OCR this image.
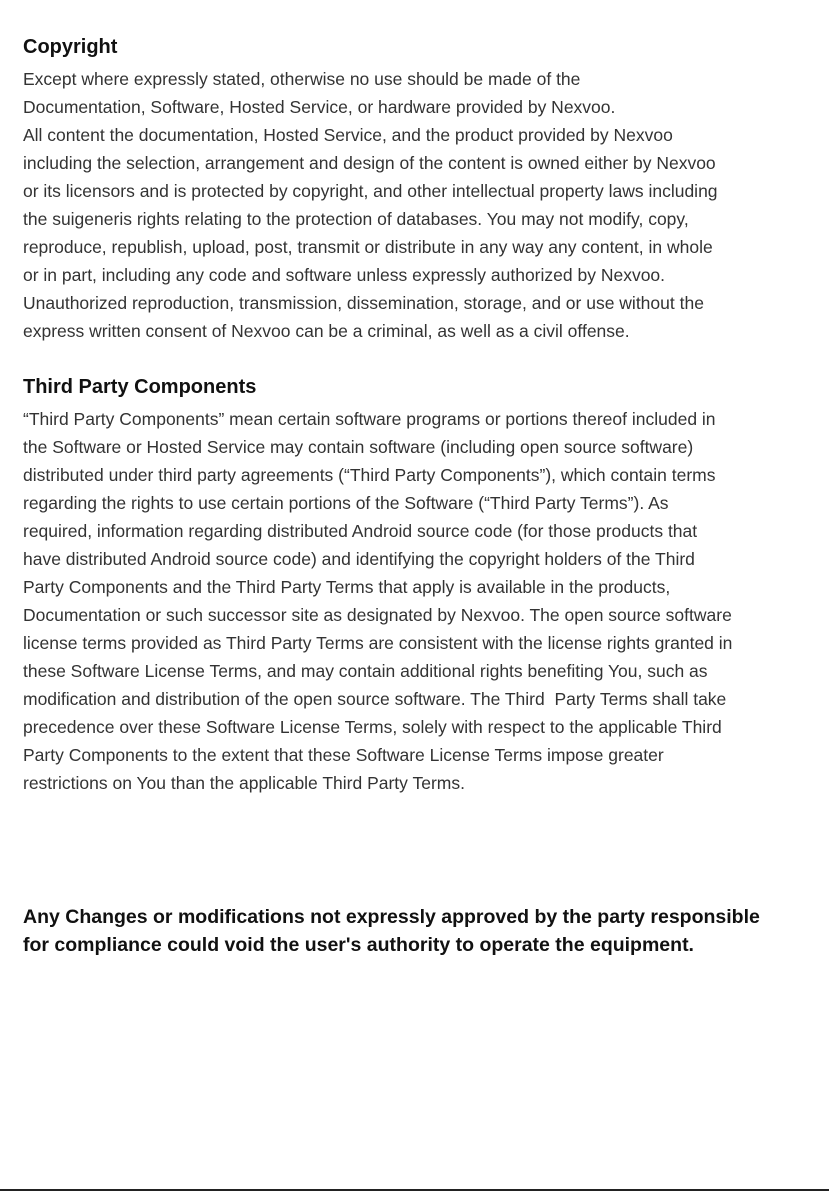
Copyright
Except where expressly stated, otherwise no use should be made of the
Documentation, Software, Hosted Service, or hardware provided by Nexvoo.
All content the documentation, Hosted Service, and the product provided by Nexvoo
including the selection, arrangement and design of the content is owned either by Nexvoo
or its licensors and is protected by copyright, and other intellectual property laws including
the suigeneris rights relating to the protection of databases. You may not modify, copy,
reproduce, republish, upload, post, transmit or distribute in any way any content, in whole
or in part, including any code and software unless expressly authorized by Nexvoo.
Unauthorized reproduction, transmission, dissemination, storage, and or use without the
express written consent of Nexvoo can be a criminal, as well as a civil offense.
Third Party Components
“Third Party Components” mean certain software programs or portions thereof included in
the Software or Hosted Service may contain software (including open source software)
distributed under third party agreements (“Third Party Components”), which contain terms
regarding the rights to use certain portions of the Software (“Third Party Terms”). As
required, information regarding distributed Android source code (for those products that
have distributed Android source code) and identifying the copyright holders of the Third
Party Components and the Third Party Terms that apply is available in the products,
Documentation or such successor site as designated by Nexvoo. The open source software
license terms provided as Third Party Terms are consistent with the license rights granted in
these Software License Terms, and may contain additional rights benefiting You, such as
modification and distribution of the open source software. The Third  Party Terms shall take
precedence over these Software License Terms, solely with respect to the applicable Third
Party Components to the extent that these Software License Terms impose greater
restrictions on You than the applicable Third Party Terms.
Any Changes or modifications not expressly approved by the party responsible
for compliance could void the user's authority to operate the equipment.
